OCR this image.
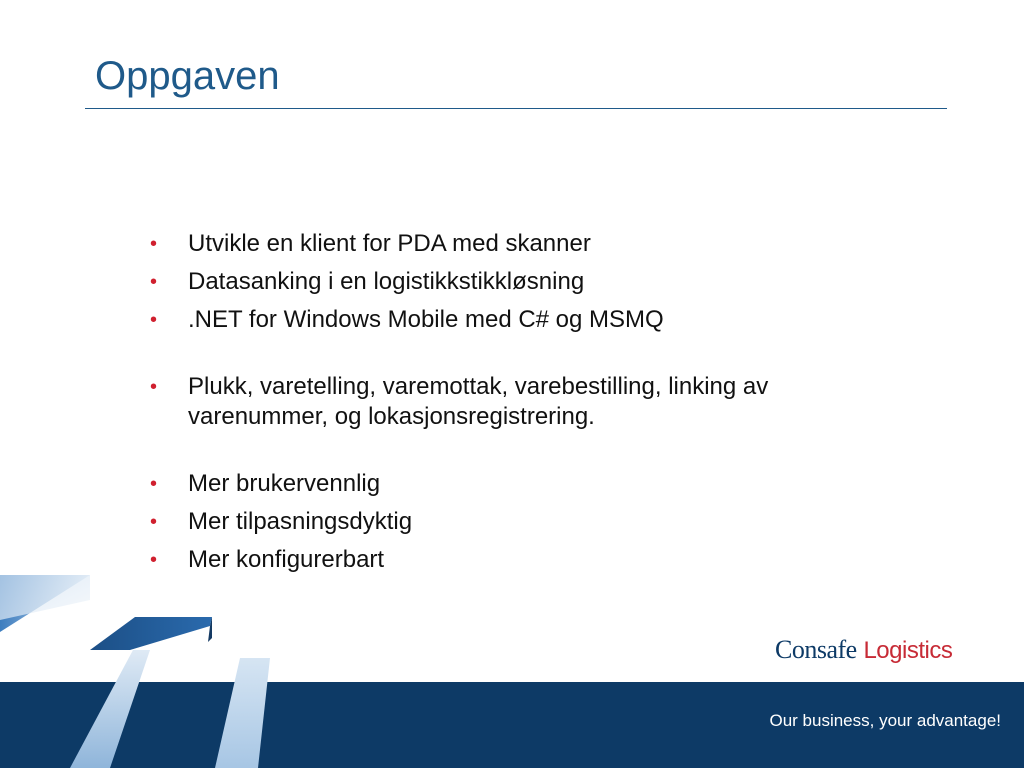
Oppgaven
• Utvikle en klient for PDA med skanner
• Datasanking i en logistikkstikkløsning
• .NET for Windows Mobile med C# og MSMQ
• Plukk, varetelling, varemottak, varebestilling, linking av varenummer, og lokasjonsregistrering.
• Mer brukervennlig
• Mer tilpasningsdyktig
• Mer konfigurerbart
Consafe Logistics
Our business, your advantage!
